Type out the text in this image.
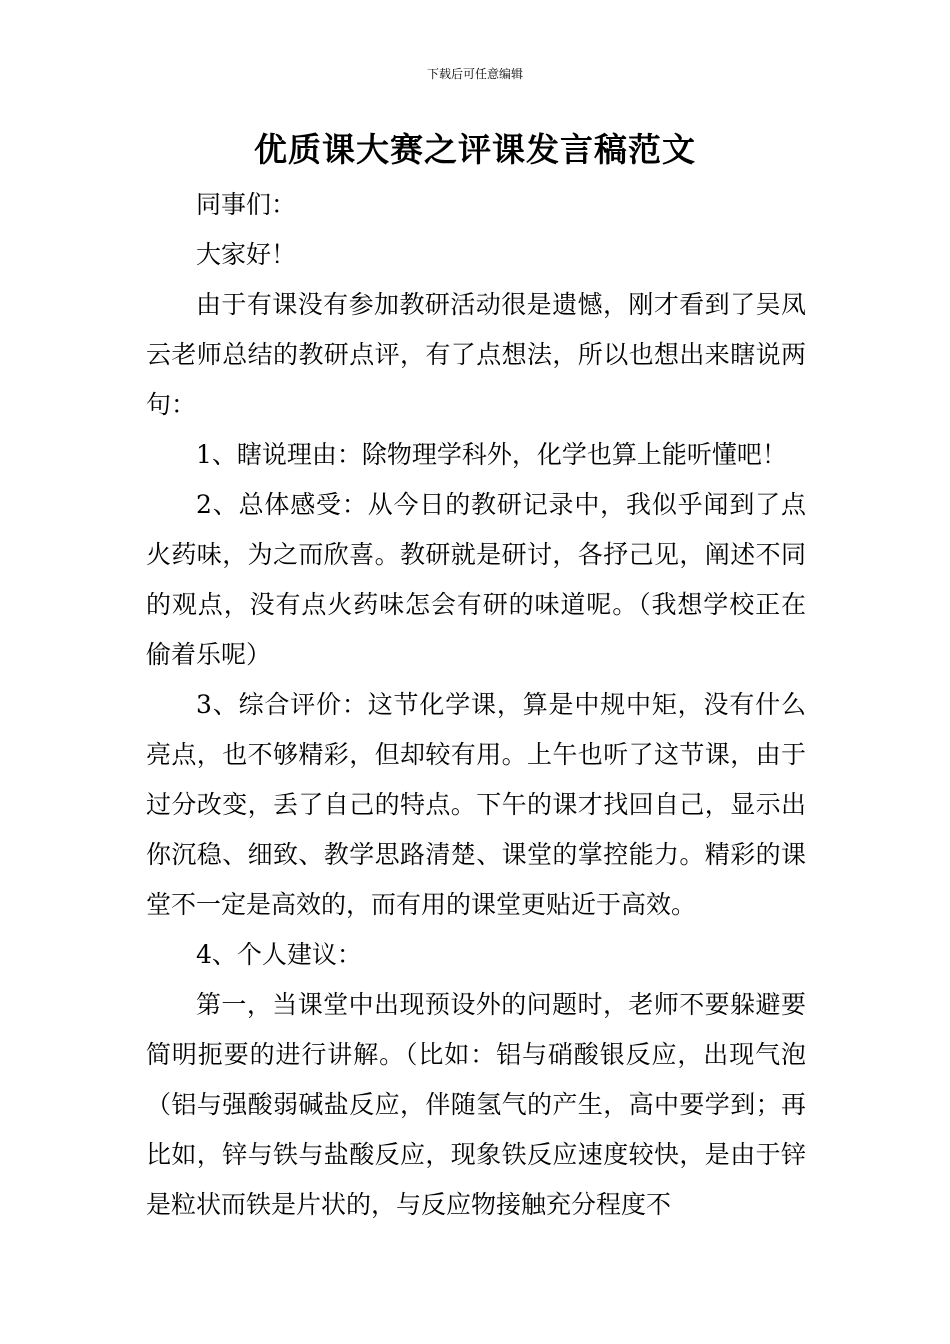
下载后可任意编辑
优质课大赛之评课发言稿范文

同事们：

大家好！

由于有课没有参加教研活动很是遗憾，刚才看到了吴凤云老师总结的教研点评，有了点想法，所以也想出来瞎说两句：

1、瞎说理由：除物理学科外，化学也算上能听懂吧！

2、总体感受：从今日的教研记录中，我似乎闻到了点火药味，为之而欣喜。教研就是研讨，各抒己见，阐述不同的观点，没有点火药味怎会有研的味道呢。（我想学校正在偷着乐呢）

3、综合评价：这节化学课，算是中规中矩，没有什么亮点，也不够精彩，但却较有用。上午也听了这节课，由于过分改变，丢了自己的特点。下午的课才找回自己，显示出你沉稳、细致、教学思路清楚、课堂的掌控能力。精彩的课堂不一定是高效的，而有用的课堂更贴近于高效。

4、个人建议：

第一，当课堂中出现预设外的问题时，老师不要躲避要简明扼要的进行讲解。（比如：铝与硝酸银反应，出现气泡（铝与强酸弱碱盐反应，伴随氢气的产生，高中要学到；再比如，锌与铁与盐酸反应，现象铁反应速度较快，是由于锌是粒状而铁是片状的，与反应物接触充分程度不
